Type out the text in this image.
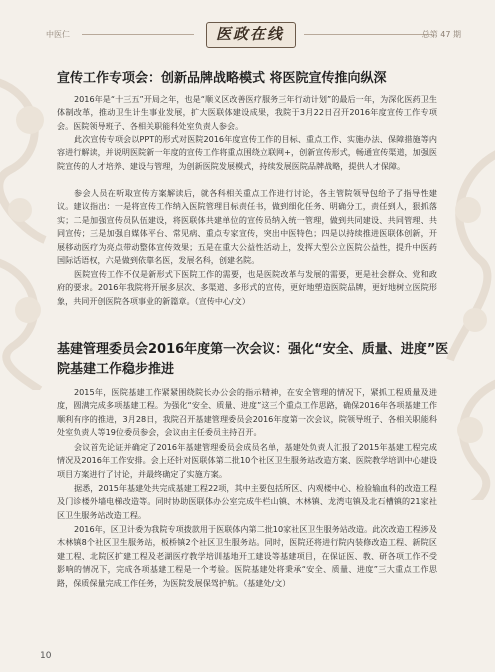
中医仁	医政在线	总第 47 期
宣传工作专项会：创新品牌战略模式 将医院宣传推向纵深

2016年是“十三五”开局之年，也是“顺义区改善医疗服务三年行动计划”的最后一年，为深化医药卫生体制改革，推动卫生计生事业发展，扩大医联体建设成果，我院于3月22日召开2016年度宣传工作专项会。医院领导班子、各相关职能科处室负责人参会。

此次宣传专项会以PPT的形式对医院2016年度宣传工作的目标、重点工作、实施办法、保障措施等内容进行解读，并说明医院新一年度的宣传工作将重点围绕立联网+，创新宣传形式，畅通宣传渠道，加强医院宣传的人才培养、建设与管理，为创新医院发展模式，持续发展医院品牌战略，提供人才保障。

参会人员在听取宣传方案解读后，就各科相关重点工作进行讨论，各主管院领导包给予了指导性建议。建议指出：一是将宣传工作纳入医院管理目标责任书，做到细化任务、明确分工，责任到人，狠抓落实；二是加强宣传员队伍建设，将医联体共建单位的宣传员纳入统一管理，做到共同建设、共同管理、共同宣传；三是加强自媒体平台、常见病、重点专家宣传，突出中医特色；四是以持续推进医联体创新，开展移动医疗为亮点带动整体宣传效果；五是在重大公益性活动上，发挥大型公立医院公益性，提升中医药国际话语权，六是做到依靠名医，发展名科，创建名院。

医院宣传工作不仅是新形式下医院工作的需要，也是医院改革与发展的需要，更是社会群众、党和政府的要求。2016年我院将开展多层次、多渠道、多形式的宣传，更好地塑造医院品牌，更好地树立医院形象，共同开创医院各项事业的新篇章。（宣传中心/文）

基建管理委员会2016年度第一次会议：强化“安全、质量、进度”医院基建工作稳步推进

2015年，医院基建工作紧紧围绕院长办公会的指示精神，在安全管理的情况下，紧抓工程质量及进度，圆满完成多项基建工程。为强化“安全、质量、进度”这三个重点工作思路，确保2016年各项基建工作顺利有序的推进，3月28日，我院召开基建管理委员会2016年度第一次会议，院领导班子、各相关职能科处室负责人等19位委员参会，会议由主任委员主持召开。

会议首先论证并确定了2016年基建管理委员会成员名单，基建处负责人汇报了2015年基建工程完成情况及2016年工作安排。会上还针对医联体第二批10个社区卫生服务站改造方案、医院教学培训中心建设项目方案进行了讨论，并最终确定了实施方案。

据悉，2015年基建处共完成基建工程22项，其中主要包括所区、内观楼中心、检验输血科的改造工程及门诊楼外墙电梯改造等。同时协助医联体办公室完成牛栏山镇、木林镇、龙湾屯镇及北石槽镇的21家社区卫生服务站改造工程。

2016年，区卫计委为我院专项拨款用于医联体内第二批10家社区卫生服务站改造。此次改造工程涉及木林镇8个社区卫生服务站，板桥镇2个社区卫生服务站。同时，医院还将进行院内装修改造工程、新院区建工程、北院区扩建工程及老湖医疗教学培训基地开工建设等基建项目，在保证医、教、研各项工作不受影响的情况下，完成各项基建工程是一个考验。医院基建处将秉承“安全、质量、进度”三大重点工作思路，保质保量完成工作任务，为医院发展保驾护航。（基建处/文）

10
